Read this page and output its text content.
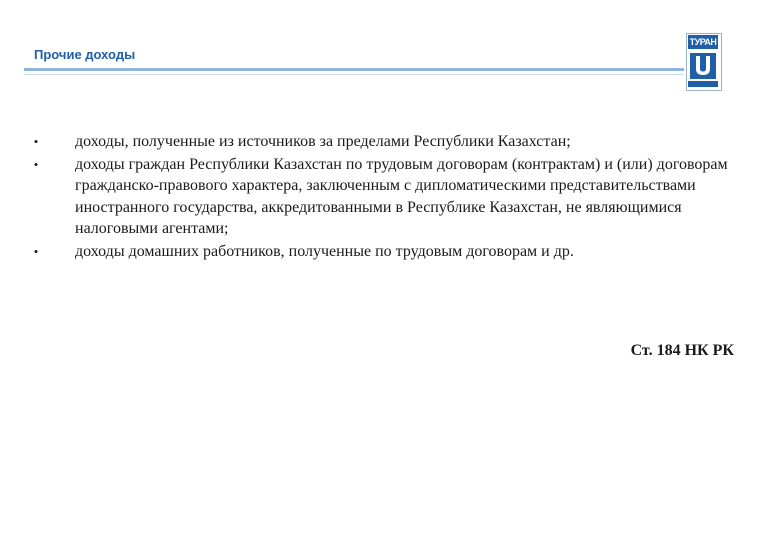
Прочие доходы
ТУРАН
• доходы, полученные из источников за пределами Республики Казахстан;
• доходы граждан Республики Казахстан по трудовым договорам (контрактам) и (или) договорам гражданско-правового характера, заключенным с дипломатическими представительствами иностранного государства, аккредитованными в Республике Казахстан, не являющимися налоговыми агентами;
• доходы домашних работников, полученные по трудовым договорам и др.

Ст. 184 НК РК
